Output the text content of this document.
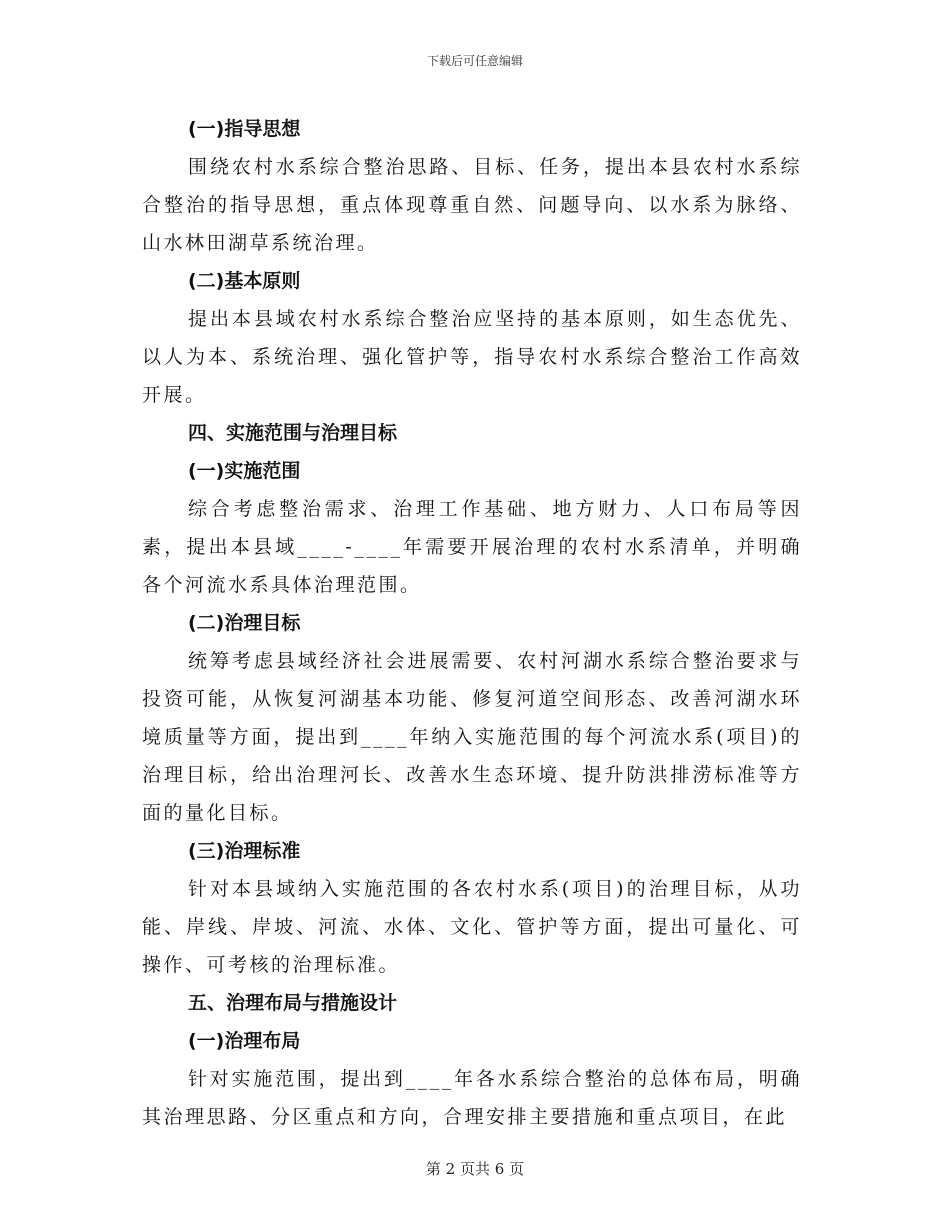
下载后可任意编辑

(一)指导思想

围绕农村水系综合整治思路、目标、任务，提出本县农村水系综合整治的指导思想，重点体现尊重自然、问题导向、以水系为脉络、山水林田湖草系统治理。

(二)基本原则

提出本县域农村水系综合整治应坚持的基本原则，如生态优先、以人为本、系统治理、强化管护等，指导农村水系综合整治工作高效开展。

四、实施范围与治理目标

(一)实施范围

综合考虑整治需求、治理工作基础、地方财力、人口布局等因素，提出本县域____-____年需要开展治理的农村水系清单，并明确各个河流水系具体治理范围。

(二)治理目标

统筹考虑县域经济社会进展需要、农村河湖水系综合整治要求与投资可能，从恢复河湖基本功能、修复河道空间形态、改善河湖水环境质量等方面，提出到____年纳入实施范围的每个河流水系(项目)的治理目标，给出治理河长、改善水生态环境、提升防洪排涝标准等方面的量化目标。

(三)治理标准

针对本县域纳入实施范围的各农村水系(项目)的治理目标，从功能、岸线、岸坡、河流、水体、文化、管护等方面，提出可量化、可操作、可考核的治理标准。

五、治理布局与措施设计

(一)治理布局

针对实施范围，提出到____年各水系综合整治的总体布局，明确其治理思路、分区重点和方向，合理安排主要措施和重点项目，在此

第 2 页共 6 页
